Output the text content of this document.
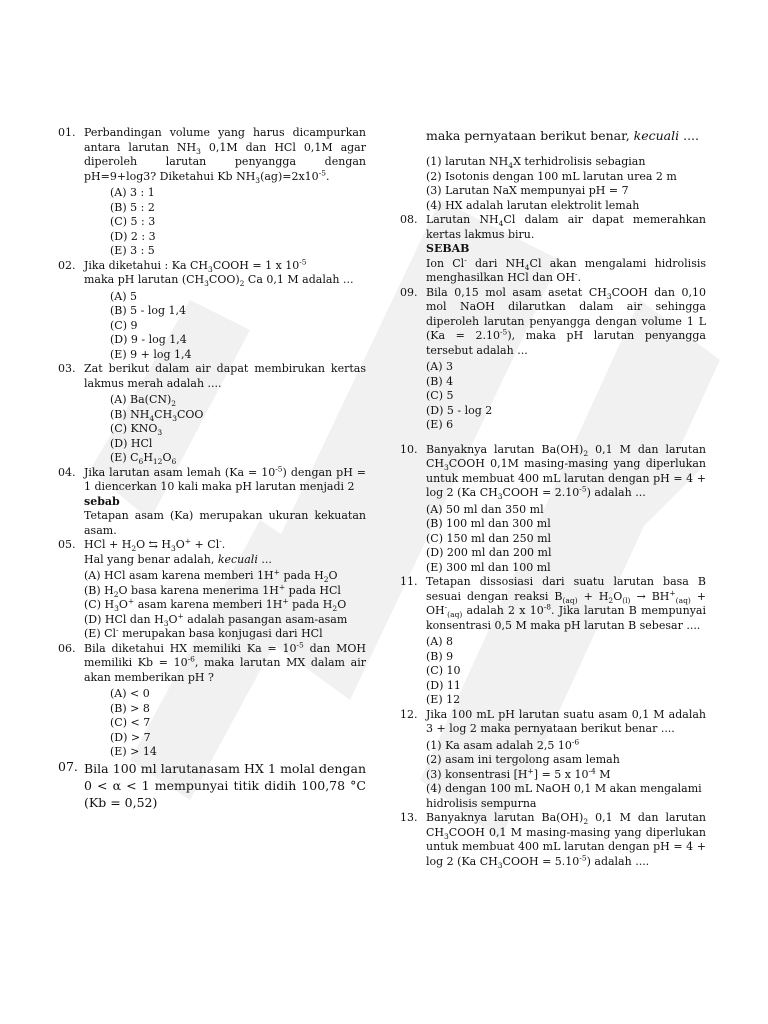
01. Perbandingan volume yang harus dicampurkan antara larutan $NH_3$ 0,1M dan HCl 0,1M agar diperoleh larutan penyangga dengan pH=9+log3? Diketahui Kb $NH_3(ag)=2x10^{-5}$.

(A) 3 : 1
(B) 5 : 2
(C) 5 : 3
(D) 2 : 3
(E) 3 : 5
02. Jika diketahui : Ka $CH_3COOH = 1$ x $10^{-5}$

maka pH larutan $(CH_3COO)_2$ Ca 0,1 M adalah ...

(A) 5
(B) 5 - log 1,4
(C) 9
(D) 9 - log 1,4
(E) 9 + log 1,4
03. Zat berikut dalam air dapat membirukan kertas lakmus merah adalah ....

(A) $Ba(CN)_2$
(B) $NH_4CH_3COO$
(C) $KNO_3$
(D) HCl
(E) $C_6H_{12}O_6$
04. Jika larutan asam lemah $(Ka = 10^{-5})$ dengan pH = 1 diencerkan 10 kali maka pH larutan menjadi 2

sebab

Tetapan asam (Ka) merupakan ukuran kekuatan asam.

05. HCl + $H_2O$ ⇆ $H_3O^+ + Cl^-$.

Hal yang benar adalah, kecuali ...

(A) HCl asam karena memberi 1H+ pada $H_2O$
(B) $H_2O$ basa karena menerima 1H+ pada HCl
(C) $H_3O^+$ asam karena memberi 1H+ pada $H_2O$
(D) HCl dan $H_3O^+$ adalah pasangan asam-asam
(E) Cl- merupakan basa konjugasi dari HCl
06. Bila diketahui HX memiliki $Ka = 10^{-5}$ dan MOH memiliki $Kb = 10^{-6}$, maka larutan MX dalam air akan memberikan pH ?

(A) < 0
(B) > 8
(C) < 7
(D) > 7
(E) > 14
07. Bila 100 ml larutanasam HX 1 molal dengan 0 < α < 1 mempunyai titik didih 100,78 °C (Kb = 0,52)

maka pernyataan berikut benar, kecuali ....

(1) larutan $NH_4X$ terhidrolisis sebagian
(2) Isotonis dengan 100 mL larutan urea 2 m
(3) Larutan NaX mempunyai pH = 7
(4) HX adalah larutan elektrolit lemah
08. Larutan $NH_4Cl$ dalam air dapat memerahkan kertas lakmus biru.

SEBAB

Ion Cl- dari $NH_4Cl$ akan mengalami hidrolisis menghasilkan HCl dan OH-.

09. Bila 0,15 mol asam asetat $CH_3COOH$ dan 0,10 mol NaOH dilarutkan dalam air sehingga diperoleh larutan penyangga dengan volume 1 L $(Ka = 2.10^{-5})$, maka pH larutan penyangga tersebut adalah ...

(A) 3
(B) 4
(C) 5
(D) 5 - log 2
(E) 6
10. Banyaknya larutan $Ba(OH)_2$ 0,1 M dan larutan $CH_3COOH$ 0,1M masing-masing yang diperlukan untuk membuat 400 mL larutan dengan pH = 4 + log 2 (Ka $CH_3COOH = 2.10^{-5}$) adalah ...

(A) 50 ml dan 350 ml
(B) 100 ml dan 300 ml
(C) 150 ml dan 250 ml
(D) 200 ml dan 200 ml
(E) 300 ml dan 100 ml
11. Tetapan dissosiasi dari suatu larutan basa B sesuai dengan reaksi $B_{(aq)} + H_2O_{(l)} \to BH^+_{(aq)} + OH^-_{(aq)}$ adalah 2 x $10^{-8}$. Jika larutan B mempunyai konsentrasi 0,5 M maka pH larutan B sebesar ....

(A) 8
(B) 9
(C) 10
(D) 11
(E) 12
12. Jika 100 mL pH larutan suatu asam 0,1 M adalah 3 + log 2 maka pernyataan berikut benar ....

(1) Ka asam adalah 2,5 $10^{-6}$
(2) asam ini tergolong asam lemah
(3) konsentrasi [H+] = 5 x $10^{-4}$ M
(4) dengan 100 mL NaOH 0,1 M akan mengalami hidrolisis sempurna
13. Banyaknya larutan $Ba(OH)_2$ 0,1 M dan larutan $CH_3COOH$ 0,1 M masing-masing yang diperlukan untuk membuat 400 mL larutan dengan pH = 4 + log 2 (Ka $CH_3COOH = 5.10^{-5}$) adalah ....
